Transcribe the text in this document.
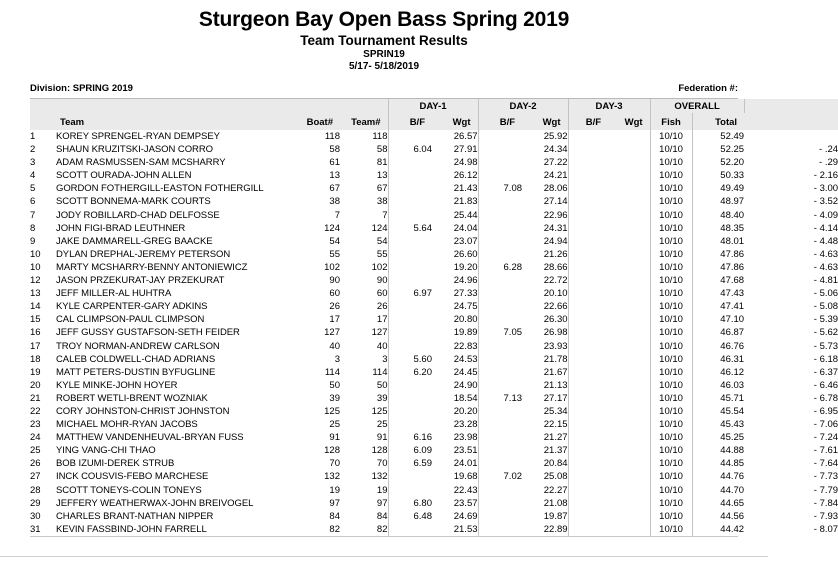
Sturgeon Bay Open Bass Spring 2019
Team Tournament Results
SPRIN19
5/17- 5/18/2019
Division: SPRING 2019	Federation #:
				DAY-1		DAY-2		DAY-3		OVERALL		
	Team	Boat#	Team#	B/F	Wgt	B/F	Wgt	B/F	Wgt	Fish	Total	
1	KOREY SPRENGEL-RYAN DEMPSEY	118	118		26.57		25.92			10/10	52.49	
2	SHAUN KRUZITSKI-JASON CORRO	58	58	6.04	27.91		24.34			10/10	52.25	- .24
3	ADAM RASMUSSEN-SAM MCSHARRY	61	81		24.98		27.22			10/10	52.20	- .29
4	SCOTT OURADA-JOHN ALLEN	13	13		26.12		24.21			10/10	50.33	- 2.16
5	GORDON FOTHERGILL-EASTON FOTHERGILL	67	67		21.43	7.08	28.06			10/10	49.49	- 3.00
6	SCOTT BONNEMA-MARK COURTS	38	38		21.83		27.14			10/10	48.97	- 3.52
7	JODY ROBILLARD-CHAD DELFOSSE	7	7		25.44		22.96			10/10	48.40	- 4.09
8	JOHN FIGI-BRAD LEUTHNER	124	124	5.64	24.04		24.31			10/10	48.35	- 4.14
9	JAKE DAMMARELL-GREG BAACKE	54	54		23.07		24.94			10/10	48.01	- 4.48
10	DYLAN DREPHAL-JEREMY PETERSON	55	55		26.60		21.26			10/10	47.86	- 4.63
10	MARTY MCSHARRY-BENNY ANTONIEWICZ	102	102		19.20	6.28	28.66			10/10	47.86	- 4.63
12	JASON PRZEKURAT-JAY PRZEKURAT	90	90		24.96		22.72			10/10	47.68	- 4.81
13	JEFF MILLER-AL HUHTRA	60	60	6.97	27.33		20.10			10/10	47.43	- 5.06
14	KYLE CARPENTER-GARY ADKINS	26	26		24.75		22.66			10/10	47.41	- 5.08
15	CAL CLIMPSON-PAUL CLIMPSON	17	17		20.80		26.30			10/10	47.10	- 5.39
16	JEFF GUSSY GUSTAFSON-SETH FEIDER	127	127		19.89	7.05	26.98			10/10	46.87	- 5.62
17	TROY NORMAN-ANDREW CARLSON	40	40		22.83		23.93			10/10	46.76	- 5.73
18	CALEB COLDWELL-CHAD ADRIANS	3	3	5.60	24.53		21.78			10/10	46.31	- 6.18
19	MATT PETERS-DUSTIN BYFUGLINE	114	114	6.20	24.45		21.67			10/10	46.12	- 6.37
20	KYLE MINKE-JOHN HOYER	50	50		24.90		21.13			10/10	46.03	- 6.46
21	ROBERT WETLI-BRENT WOZNIAK	39	39		18.54	7.13	27.17			10/10	45.71	- 6.78
22	CORY JOHNSTON-CHRIST JOHNSTON	125	125		20.20		25.34			10/10	45.54	- 6.95
23	MICHAEL MOHR-RYAN JACOBS	25	25		23.28		22.15			10/10	45.43	- 7.06
24	MATTHEW VANDENHEUVAL-BRYAN FUSS	91	91	6.16	23.98		21.27			10/10	45.25	- 7.24
25	YING VANG-CHI THAO	128	128	6.09	23.51		21.37			10/10	44.88	- 7.61
26	BOB IZUMI-DEREK STRUB	70	70	6.59	24.01		20.84			10/10	44.85	- 7.64
27	INCK COUSVIS-FEBO MARCHESE	132	132		19.68	7.02	25.08			10/10	44.76	- 7.73
28	SCOTT TONEYS-COLIN TONEYS	19	19		22.43		22.27			10/10	44.70	- 7.79
29	JEFFERY WEATHERWAX-JOHN BREIVOGEL	97	97	6.80	23.57		21.08			10/10	44.65	- 7.84
30	CHARLES BRANT-NATHAN NIPPER	84	84	6.48	24.69		19.87			10/10	44.56	- 7.93
31	KEVIN FASSBIND-JOHN FARRELL	82	82		21.53		22.89			10/10	44.42	- 8.07
